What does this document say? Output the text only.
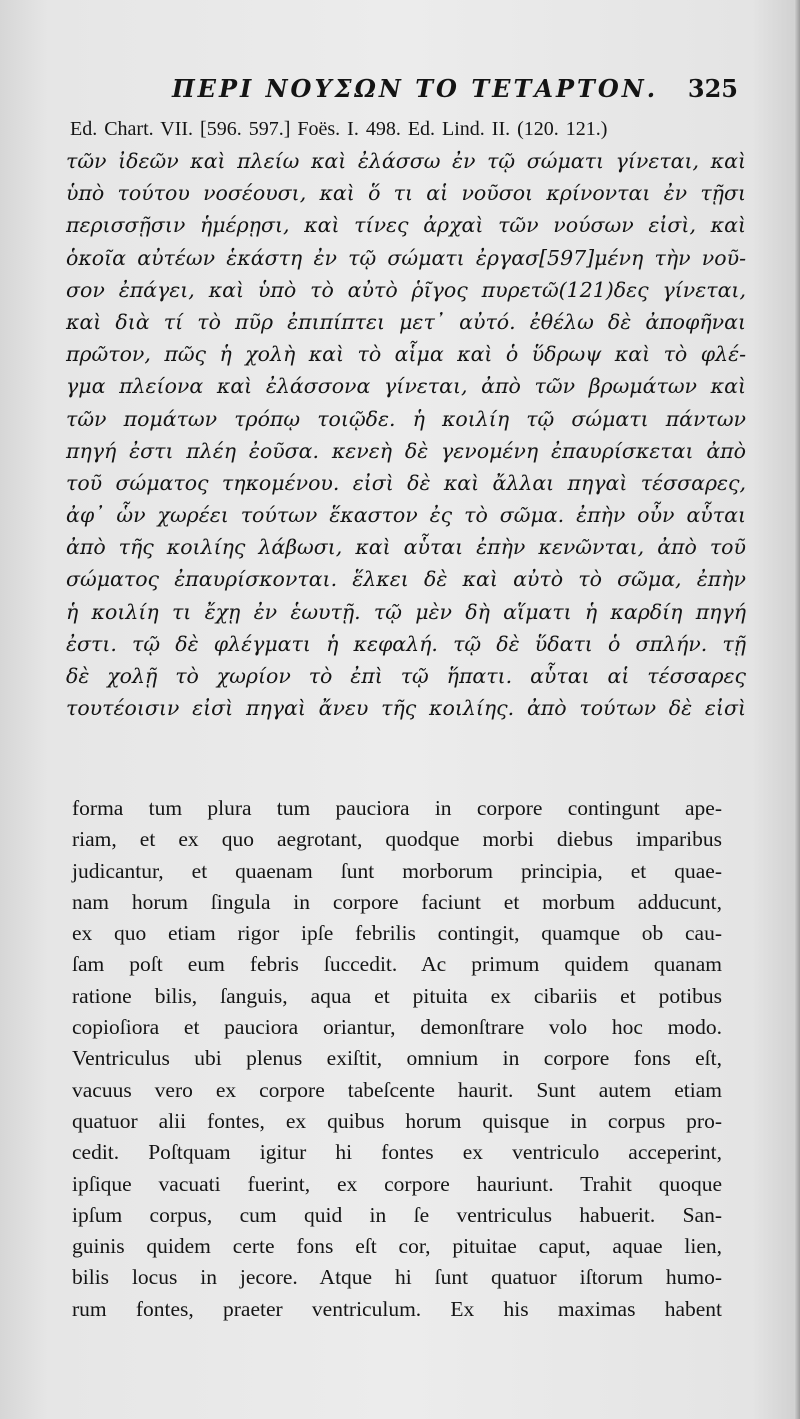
ΠΕΡΙ ΝΟΥΣΩΝ ΤΟ ΤΕΤΑΡΤΟΝ. 325
Ed. Chart. VII. [596. 597.] Foës. I. 498. Ed. Lind. II. (120. 121.)
τῶν ἰδεῶν καὶ πλείω καὶ ἐλάσσω ἐν τῷ σώματι γίνεται, καὶ
ὑπὸ τούτου νοσέουσι, καὶ ὅ τι αἱ νοῦσοι κρίνονται ἐν τῇσι
περισσῇσιν ἡμέρῃσι, καὶ τίνες ἀρχαὶ τῶν νούσων εἰσὶ, καὶ
ὁκοῖα αὐτέων ἑκάστη ἐν τῷ σώματι ἐργασ[597]μένη τὴν νοῦ-
σον ἐπάγει, καὶ ὑπὸ τὸ αὐτὸ ῥῖγος πυρετῶ(121)δες γίνεται,
καὶ διὰ τί τὸ πῦρ ἐπιπίπτει μετ᾽ αὐτό. ἐθέλω δὲ ἀποφῆναι
πρῶτον, πῶς ἡ χολὴ καὶ τὸ αἷμα καὶ ὁ ὕδρωψ καὶ τὸ φλέ-
γμα πλείονα καὶ ἐλάσσονα γίνεται, ἀπὸ τῶν βρωμάτων καὶ
τῶν πομάτων τρόπῳ τοιῷδε. ἡ κοιλίη τῷ σώματι πάντων
πηγή ἐστι πλέη ἐοῦσα. κενεὴ δὲ γενομένη ἐπαυρίσκεται ἀπὸ
τοῦ σώματος τηκομένου. εἰσὶ δὲ καὶ ἄλλαι πηγαὶ τέσσαρες,
ἀφ᾽ ὧν χωρέει τούτων ἕκαστον ἐς τὸ σῶμα. ἐπὴν οὖν αὗται
ἀπὸ τῆς κοιλίης λάβωσι, καὶ αὗται ἐπὴν κενῶνται, ἀπὸ τοῦ
σώματος ἐπαυρίσκονται. ἕλκει δὲ καὶ αὐτὸ τὸ σῶμα, ἐπὴν
ἡ κοιλίη τι ἔχῃ ἐν ἑωυτῇ. τῷ μὲν δὴ αἵματι ἡ καρδίη πηγή
ἐστι. τῷ δὲ φλέγματι ἡ κεφαλή. τῷ δὲ ὕδατι ὁ σπλήν. τῇ
δὲ χολῇ τὸ χωρίον τὸ ἐπὶ τῷ ἥπατι. αὗται αἱ τέσσαρες
τουτέοισιν εἰσὶ πηγαὶ ἄνευ τῆς κοιλίης. ἀπὸ τούτων δὲ εἰσὶ
forma tum plura tum pauciora in corpore contingunt ape-
riam, et ex quo aegrotant, quodque morbi diebus imparibus
judicantur, et quaenam ſunt morborum principia, et quae-
nam horum ſingula in corpore faciunt et morbum adducunt,
ex quo etiam rigor ipſe febrilis contingit, quamque ob cau-
ſam poſt eum febris ſuccedit. Ac primum quidem quanam
ratione bilis, ſanguis, aqua et pituita ex cibariis et potibus
copioſiora et pauciora oriantur, demonſtrare volo hoc modo.
Ventriculus ubi plenus exiſtit, omnium in corpore fons eſt,
vacuus vero ex corpore tabeſcente haurit. Sunt autem etiam
quatuor alii fontes, ex quibus horum quisque in corpus pro-
cedit. Poſtquam igitur hi fontes ex ventriculo acceperint,
ipſique vacuati fuerint, ex corpore hauriunt. Trahit quoque
ipſum corpus, cum quid in ſe ventriculus habuerit. San-
guinis quidem certe fons eſt cor, pituitae caput, aquae lien,
bilis locus in jecore. Atque hi ſunt quatuor iſtorum humo-
rum fontes, praeter ventriculum. Ex his maximas habent
